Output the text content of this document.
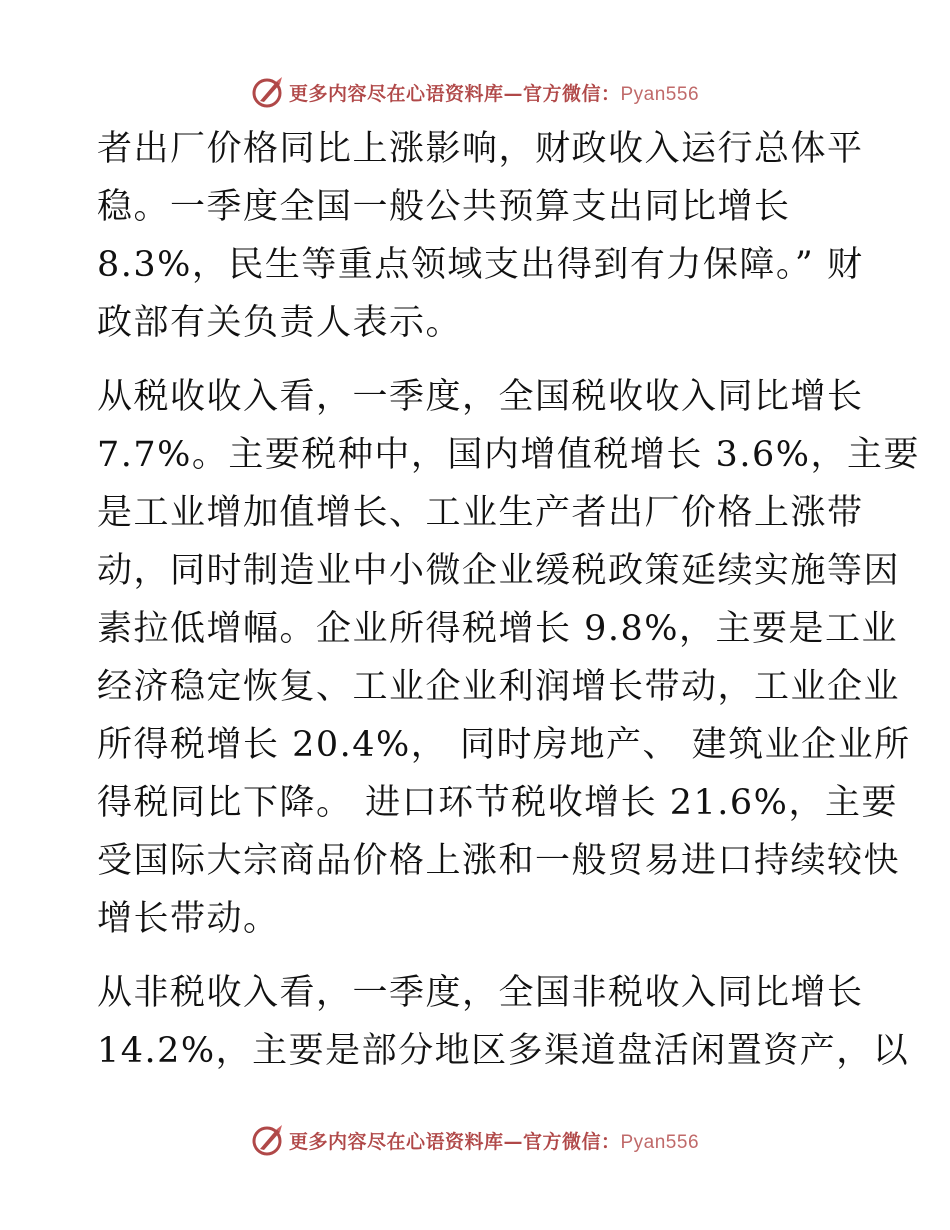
更多内容尽在心语资料库—官方微信：Pyan556

者出厂价格同比上涨影响，财政收入运行总体平
稳。一季度全国一般公共预算支出同比增长
8.3%，民生等重点领域支出得到有力保障。” 财
政部有关负责人表示。

从税收收入看，一季度，全国税收收入同比增长
7.7%。主要税种中，国内增值税增长 3.6%，主要
是工业增加值增长、工业生产者出厂价格上涨带
动，同时制造业中小微企业缓税政策延续实施等因
素拉低增幅。企业所得税增长 9.8%，主要是工业
经济稳定恢复、工业企业利润增长带动，工业企业
所得税增长 20.4%， 同时房地产、 建筑业企业所
得税同比下降。 进口环节税收增长 21.6%，主要
受国际大宗商品价格上涨和一般贸易进口持续较快
增长带动。

从非税收入看，一季度，全国非税收入同比增长
14.2%，主要是部分地区多渠道盘活闲置资产，以

更多内容尽在心语资料库—官方微信：Pyan556
